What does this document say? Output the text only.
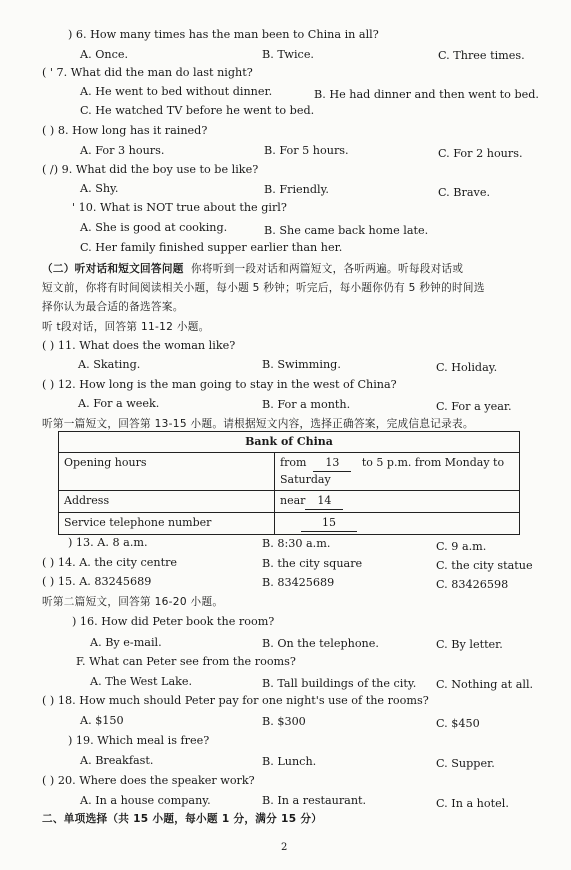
) 6. How many times has the man been to China in all?
A. Once.	B. Twice.	C. Three times.
( ' 7. What did the man do last night?
A. He went to bed without dinner.	B. He had dinner and then went to bed.
C. He watched TV before he went to bed.
( ) 8. How long has it rained?
A. For 3 hours.	B. For 5 hours.	C. For 2 hours.
( /) 9. What did the boy use to be like?
A. Shy.	B. Friendly.	C. Brave.
' 10. What is NOT true about the girl?
A. She is good at cooking.	B. She came back home late.
C. Her family finished supper earlier than her.
（二）听对话和短文回答问题 你将听到一段对话和两篇短文，各听两遍。听每段对话或
短文前，你将有时间阅读相关小题，每小题 5 秒钟；听完后，每小题你仍有 5 秒钟的时间选
择你认为最合适的备选答案。
听 t段对话，回答第 11-12 小题。
( ) 11. What does the woman like?
A. Skating.	B. Swimming.	C. Holiday.
( ) 12. How long is the man going to stay in the west of China?
A. For a week.	B. For a month.	C. For a year.
听第一篇短文，回答第 13-15 小题。请根据短文内容，选择正确答案，完成信息记录表。
Bank of China	
Opening hours	from 13 to 5 p.m. from Monday to
Saturday
Address	near 14
Service telephone number	15
) 13. A. 8 a.m.	B. 8:30 a.m.	C. 9 a.m.
( ) 14. A. the city centre	B. the city square	C. the city statue
( ) 15. A. 83245689	B. 83425689	C. 83426598
听第二篇短文，回答第 16-20 小题。
) 16. How did Peter book the room?
A. By e-mail.	B. On the telephone.	C. By letter.
F. What can Peter see from the rooms?
A. The West Lake.	B. Tall buildings of the city. C. Nothing at all.
( ) 18. How much should Peter pay for one night's use of the rooms?
A. $150	B. $300	C. $450
) 19. Which meal is free?
A. Breakfast.	B. Lunch.	C. Supper.
( ) 20. Where does the speaker work?
A. In a house company.	B. In a restaurant.	C. In a hotel.
二、单项选择（共 15 小题，每小题 1 分，满分 15 分）
2
